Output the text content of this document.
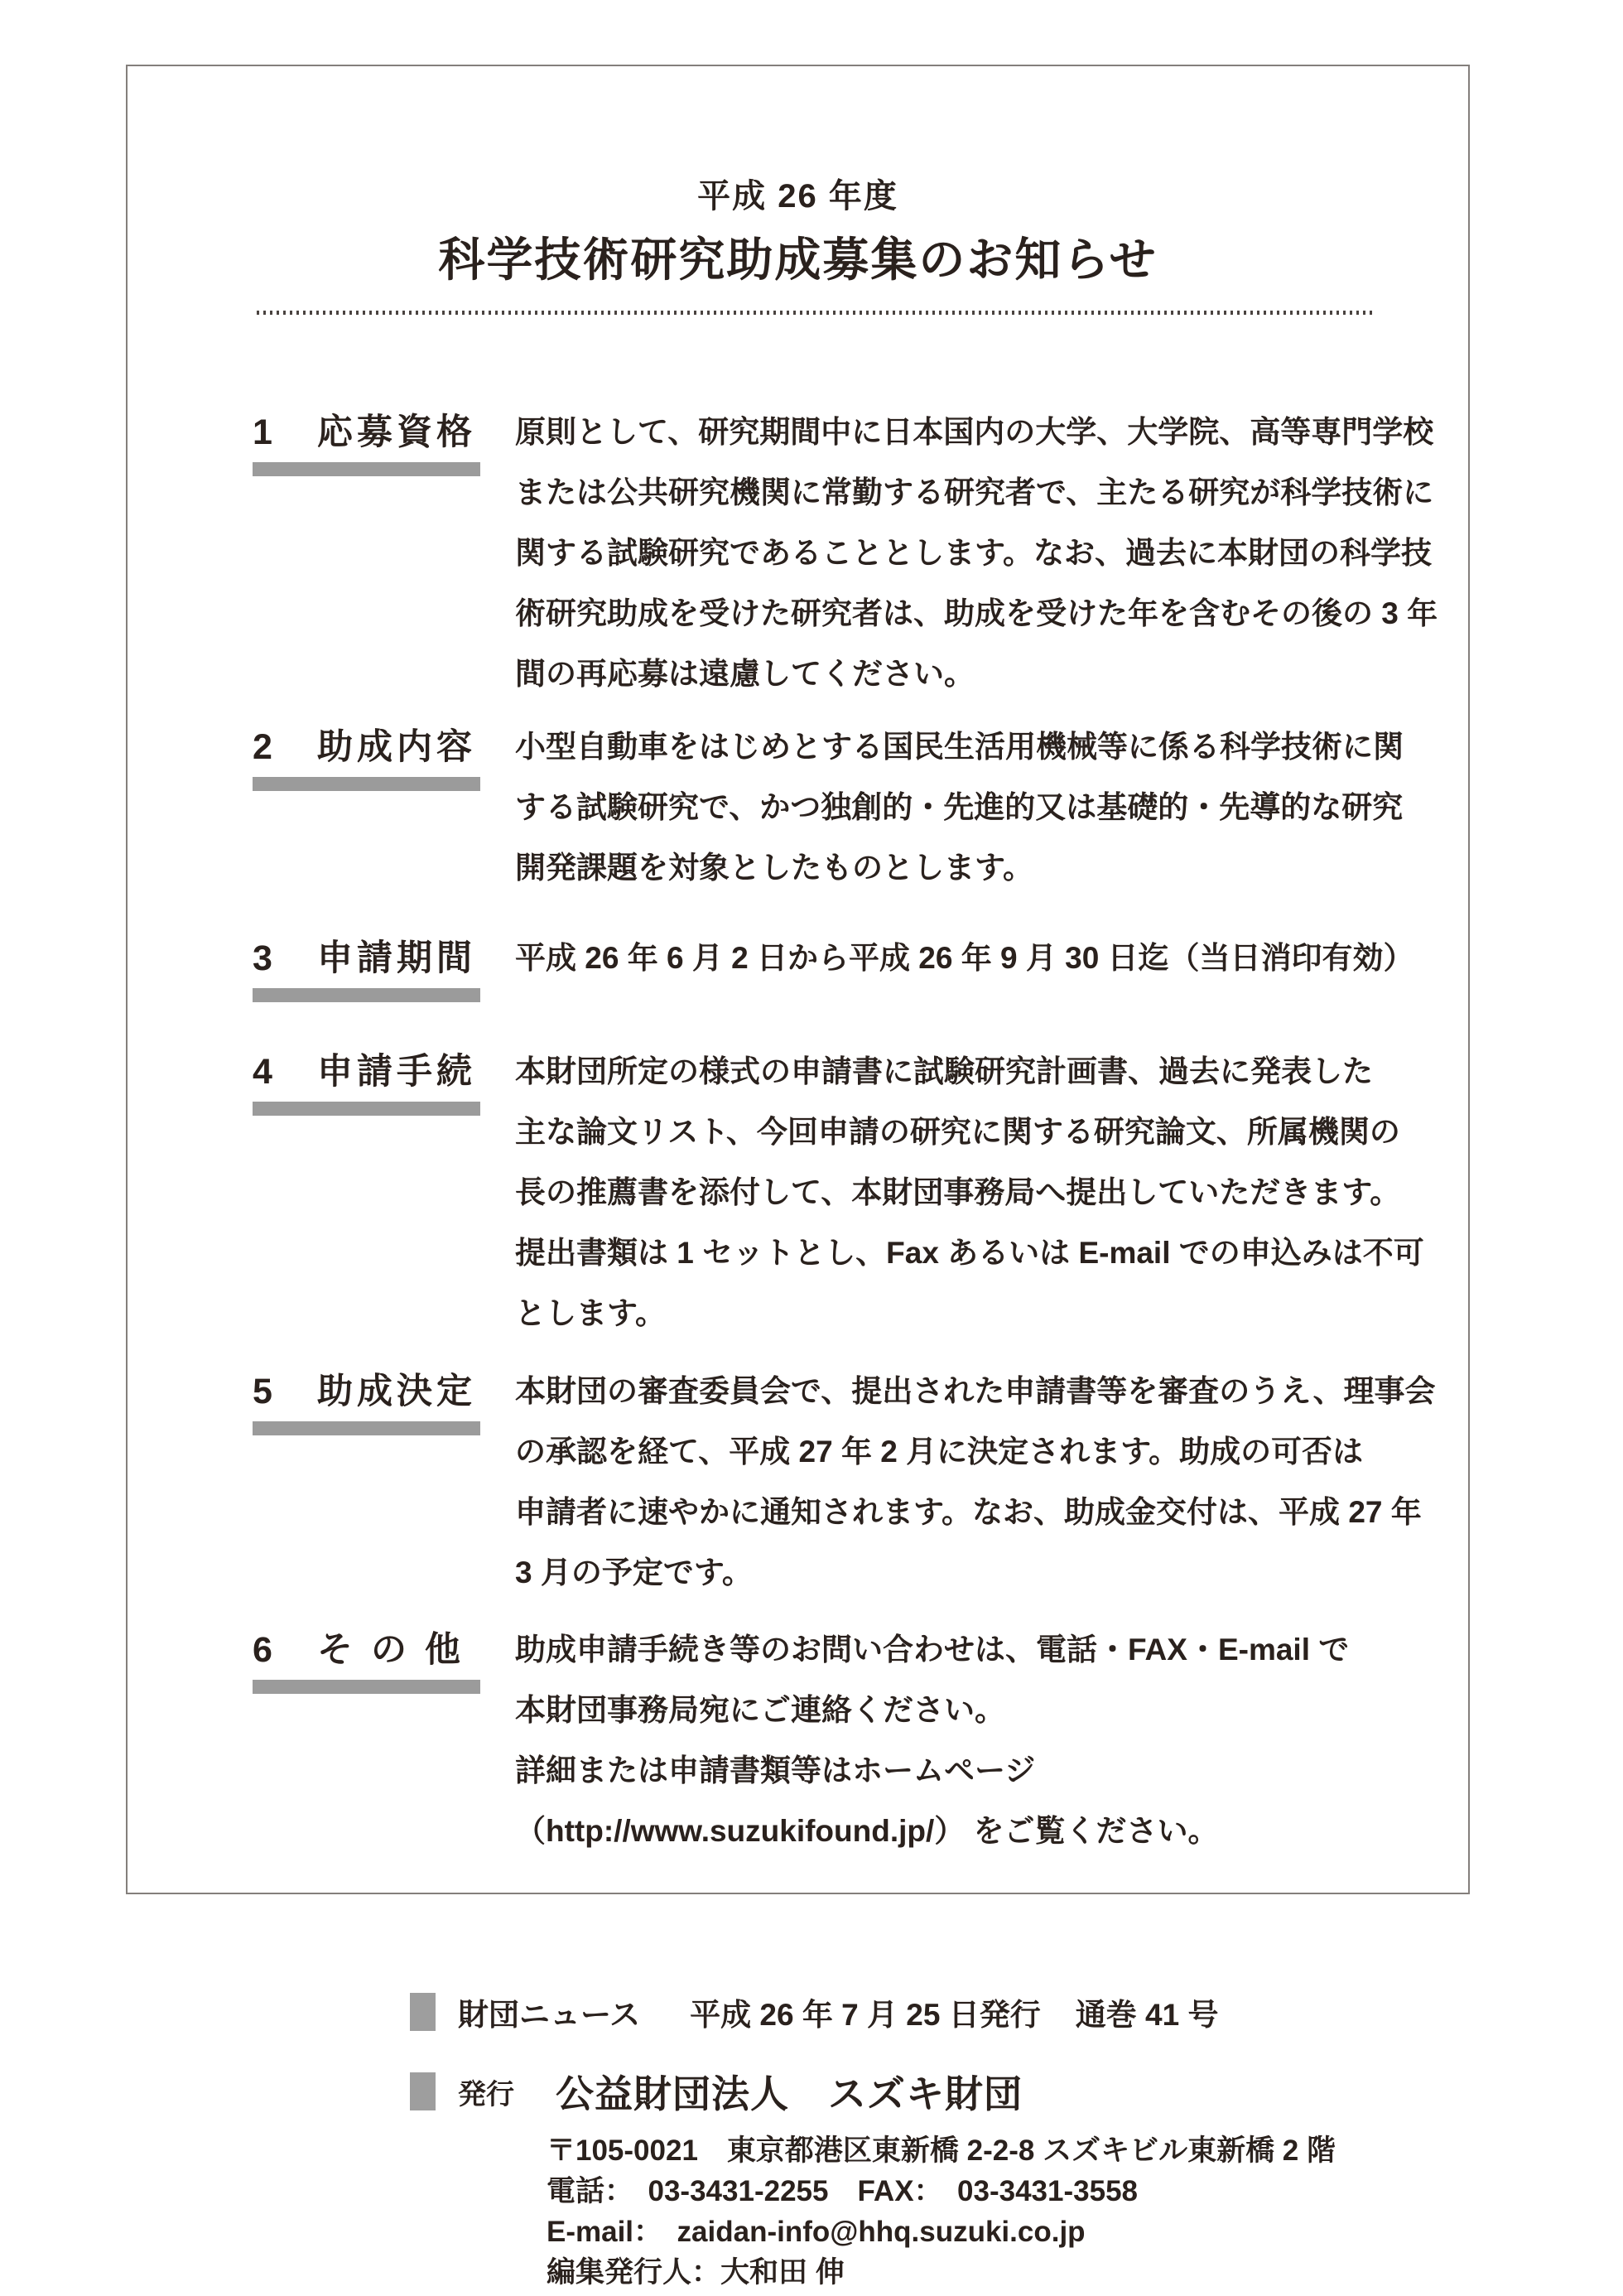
平成 26 年度
科学技術研究助成募集のお知らせ
1	応募資格 原則として、研究期間中に日本国内の大学、大学院、高等専門学校
または公共研究機関に常勤する研究者で、主たる研究が科学技術に
関する試験研究であることとします。なお、過去に本財団の科学技
術研究助成を受けた研究者は、助成を受けた年を含むその後の 3 年
間の再応募は遠慮してください。
2	助成内容 小型自動車をはじめとする国民生活用機械等に係る科学技術に関
する試験研究で、かつ独創的・先進的又は基礎的・先導的な研究
開発課題を対象としたものとします。
3	申請期間 平成 26 年 6 月 2 日から平成 26 年 9 月 30 日迄（当日消印有効）
4	申請手続 本財団所定の様式の申請書に試験研究計画書、過去に発表した
主な論文リスト、今回申請の研究に関する研究論文、所属機関の
長の推薦書を添付して、本財団事務局へ提出していただきます。
提出書類は 1 セットとし、Fax あるいは E-mail での申込みは不可
とします。
5	助成決定 本財団の審査委員会で、提出された申請書等を審査のうえ、理事会
の承認を経て、平成 27 年 2 月に決定されます。助成の可否は
申請者に速やかに通知されます。なお、助成金交付は、平成 27 年
3 月の予定です。
6	そ の 他 助成申請手続き等のお問い合わせは、電話・FAX・E-mail で
本財団事務局宛にご連絡ください。
詳細または申請書類等はホームページ
（http://www.suzukifound.jp/） をご覧ください。
財団ニュース 平成 26 年 7 月 25 日発行 通巻 41 号
発行 公益財団法人　スズキ財団
〒105-0021　東京都港区東新橋 2-2-8 スズキビル東新橋 2 階
電話：　03-3431-2255　FAX：　03-3431-3558
E-mail：　zaidan-info@hhq.suzuki.co.jp
編集発行人：大和田 伸
